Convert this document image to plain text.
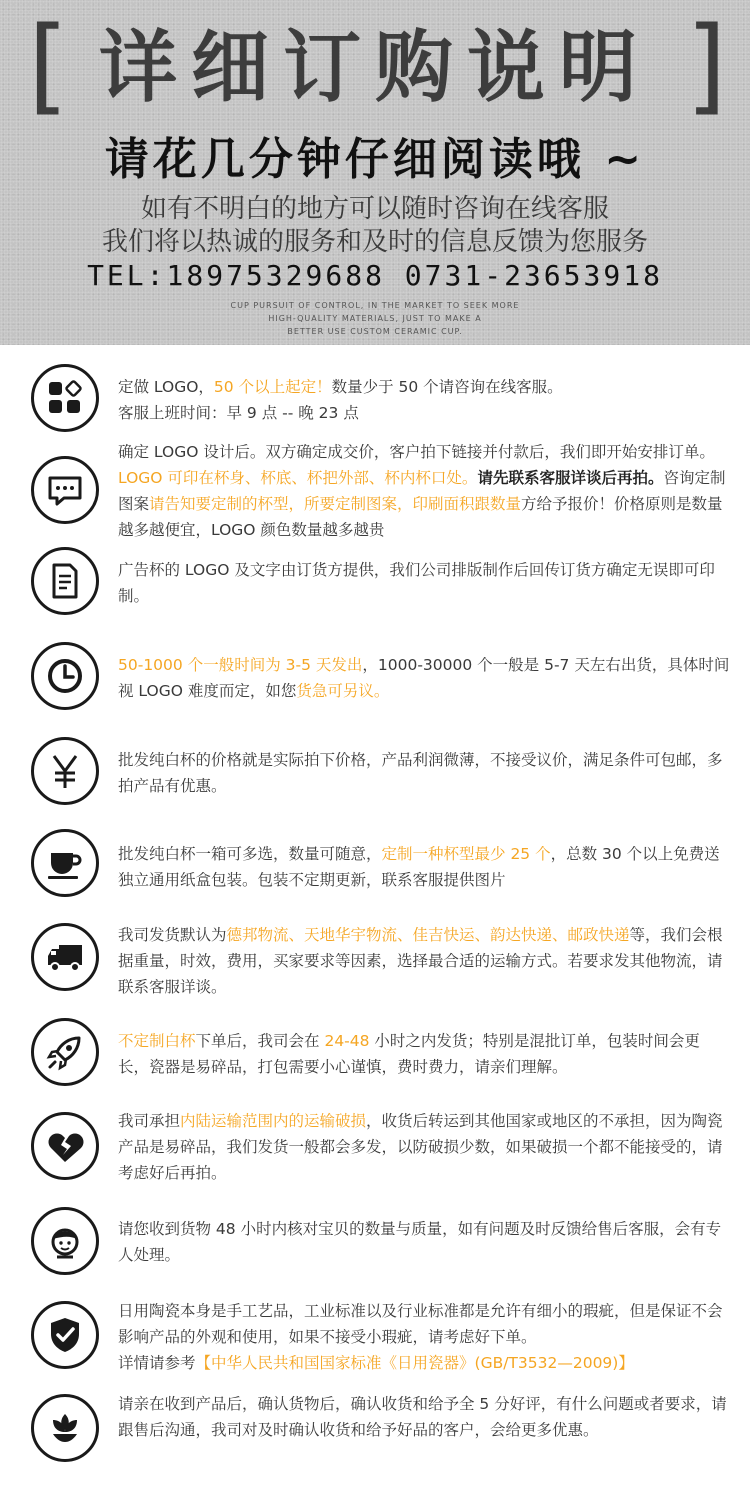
[ 详细订购说明 ]
请花几分钟仔细阅读哦 ~
如有不明白的地方可以随时咨询在线客服
我们将以热诚的服务和及时的信息反馈为您服务
TEL:18975329688 0731-23653918
CUP PURSUIT OF CONTROL, IN THE MARKET TO SEEK MORE
HIGH-QUALITY MATERIALS, JUST TO MAKE A
BETTER USE CUSTOM CERAMIC CUP.
定做 LOGO，50 个以上起定！数量少于 50 个请咨询在线客服。
客服上班时间：早 9 点 -- 晚 23 点
确定 LOGO 设计后。双方确定成交价，客户拍下链接并付款后，我们即开始安排订单。LOGO 可印在杯身、杯底、杯把外部、杯内杯口处。请先联系客服详谈后再拍。咨询定制图案请告知要定制的杯型，所要定制图案，印刷面积跟数量方给予报价！价格原则是数量越多越便宜，LOGO 颜色数量越多越贵
广告杯的 LOGO 及文字由订货方提供，我们公司排版制作后回传订货方确定无误即可印制。
50-1000 个一般时间为 3-5 天发出，1000-30000 个一般是 5-7 天左右出货，具体时间视 LOGO 难度而定，如您货急可另议。
批发纯白杯的价格就是实际拍下价格，产品利润微薄，不接受议价，满足条件可包邮，多拍产品有优惠。
批发纯白杯一箱可多选，数量可随意，定制一种杯型最少 25 个，总数 30 个以上免费送独立通用纸盒包装。包装不定期更新，联系客服提供图片
我司发货默认为德邦物流、天地华宇物流、佳吉快运、韵达快递、邮政快递等，我们会根据重量，时效，费用，买家要求等因素，选择最合适的运输方式。若要求发其他物流，请联系客服详谈。
不定制白杯下单后，我司会在 24-48 小时之内发货；特别是混批订单，包装时间会更长，瓷器是易碎品，打包需要小心谨慎，费时费力，请亲们理解。
我司承担内陆运输范围内的运输破损，收货后转运到其他国家或地区的不承担，因为陶瓷产品是易碎品，我们发货一般都会多发，以防破损少数，如果破损一个都不能接受的，请考虑好后再拍。
请您收到货物 48 小时内核对宝贝的数量与质量，如有问题及时反馈给售后客服，会有专人处理。
日用陶瓷本身是手工艺品，工业标准以及行业标准都是允许有细小的瑕疵，但是保证不会影响产品的外观和使用，如果不接受小瑕疵，请考虑好下单。
详情请参考【中华人民共和国国家标准《日用瓷器》(GB/T3532—2009)】
请亲在收到产品后，确认货物后，确认收货和给予全 5 分好评，有什么问题或者要求，请跟售后沟通，我司对及时确认收货和给予好品的客户，会给更多优惠。
